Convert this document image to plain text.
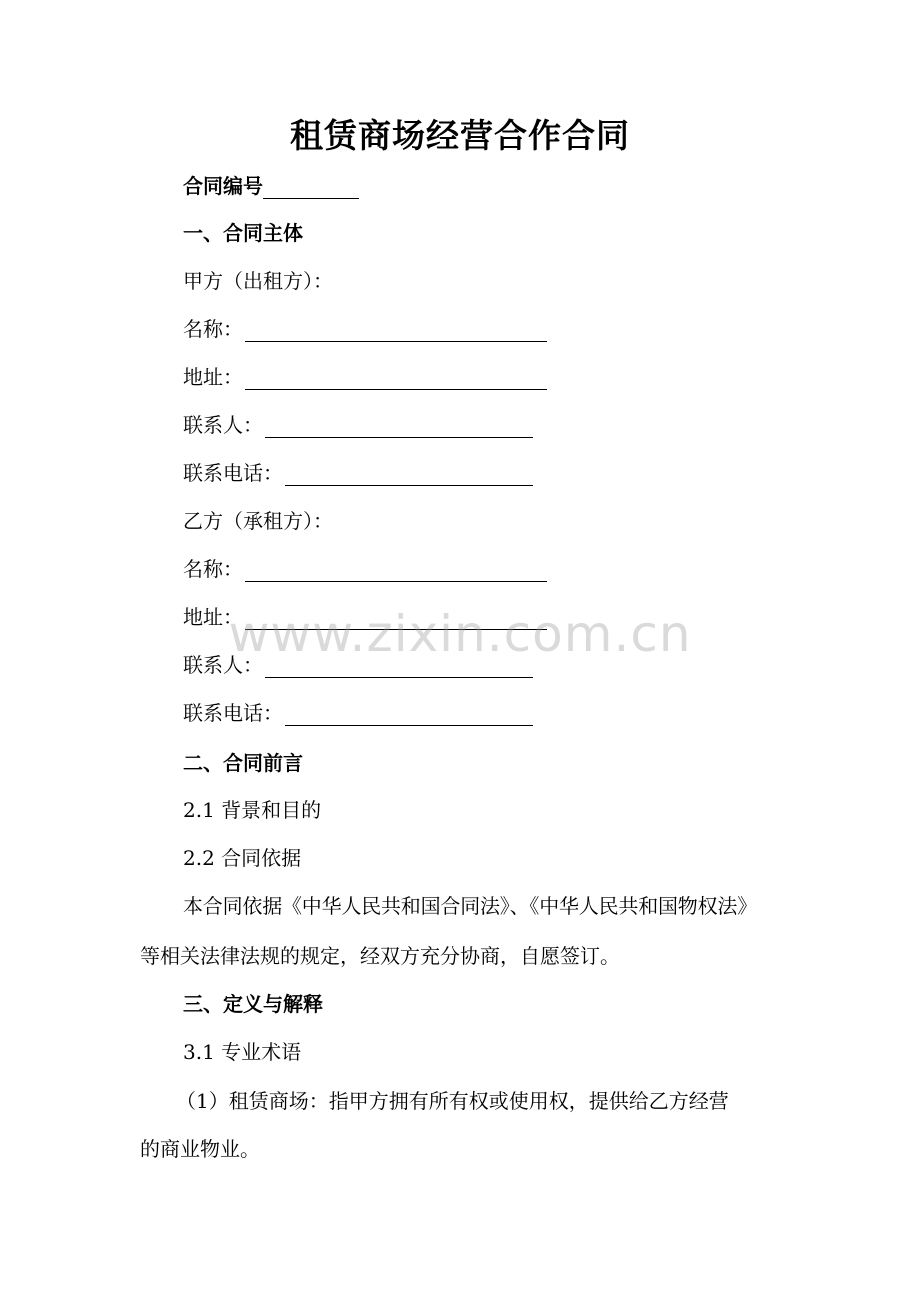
租赁商场经营合作合同
合同编号
一、合同主体
甲方（出租方）：
名称：
地址：
联系人：
联系电话：
乙方（承租方）：
名称：
地址：
联系人：
联系电话：
二、合同前言
2.1 背景和目的
2.2 合同依据
本合同依据《中华人民共和国合同法》、《中华人民共和国物权法》
等相关法律法规的规定，经双方充分协商，自愿签订。
三、定义与解释
3.1 专业术语
（1）租赁商场：指甲方拥有所有权或使用权，提供给乙方经营
的商业物业。
www.zixin.com.cn
